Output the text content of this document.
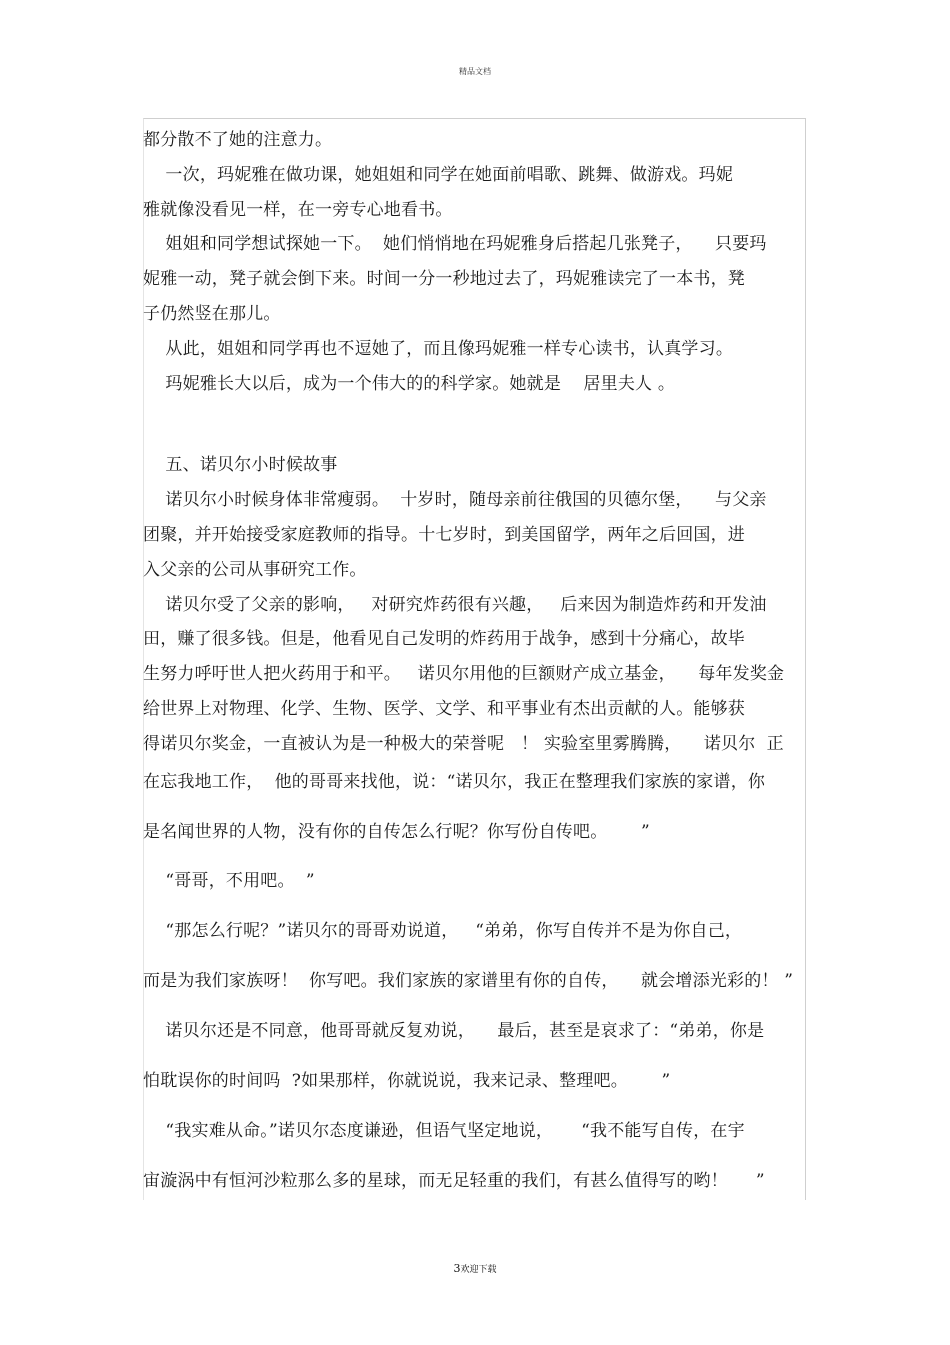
精品文档
都分散不了她的注意力。
一次，玛妮雅在做功课，她姐姐和同学在她面前唱歌、跳舞、做游戏。玛妮
雅就像没看见一样，在一旁专心地看书。
姐姐和同学想试探她一下。  她们悄悄地在玛妮雅身后搭起几张凳子，    只要玛
妮雅一动，凳子就会倒下来。时间一分一秒地过去了，玛妮雅读完了一本书，凳
子仍然竖在那儿。
从此，姐姐和同学再也不逗她了，而且像玛妮雅一样专心读书，认真学习。
玛妮雅长大以后，成为一个伟大的的科学家。她就是    居里夫人 。
五、诺贝尔小时候故事
诺贝尔小时候身体非常瘦弱。  十岁时，随母亲前往俄国的贝德尔堡，    与父亲
团聚，并开始接受家庭教师的指导。十七岁时，到美国留学，两年之后回国，进
入父亲的公司从事研究工作。
诺贝尔受了父亲的影响，   对研究炸药很有兴趣，   后来因为制造炸药和开发油
田，赚了很多钱。但是，他看见自己发明的炸药用于战争，感到十分痛心，故毕
生努力呼吁世人把火药用于和平。   诺贝尔用他的巨额财产成立基金，    每年发奖金
给世界上对物理、化学、生物、医学、文学、和平事业有杰出贡献的人。能够获
得诺贝尔奖金，一直被认为是一种极大的荣誉呢   ！ 实验室里雾腾腾，    诺贝尔  正
在忘我地工作，  他的哥哥来找他，说：“诺贝尔，我正在整理我们家族的家谱，你
是名闻世界的人物，没有你的自传怎么行呢？你写份自传吧。      ”
“哥哥，不用吧。  ”
“那怎么行呢？”诺贝尔的哥哥劝说道，   “弟弟，你写自传并不是为你自己，
而是为我们家族呀！  你写吧。我们家族的家谱里有你的自传，    就会增添光彩的！ ”
诺贝尔还是不同意，他哥哥就反复劝说，    最后，甚至是哀求了：“弟弟，你是
怕耽误你的时间吗  ?如果那样，你就说说，我来记录、整理吧。      ”
“我实难从命。”诺贝尔态度谦逊，但语气坚定地说，     “我不能写自传，在宇
宙漩涡中有恒河沙粒那么多的星球，而无足轻重的我们，有甚么值得写的哟！     ”
3欢迎下载
